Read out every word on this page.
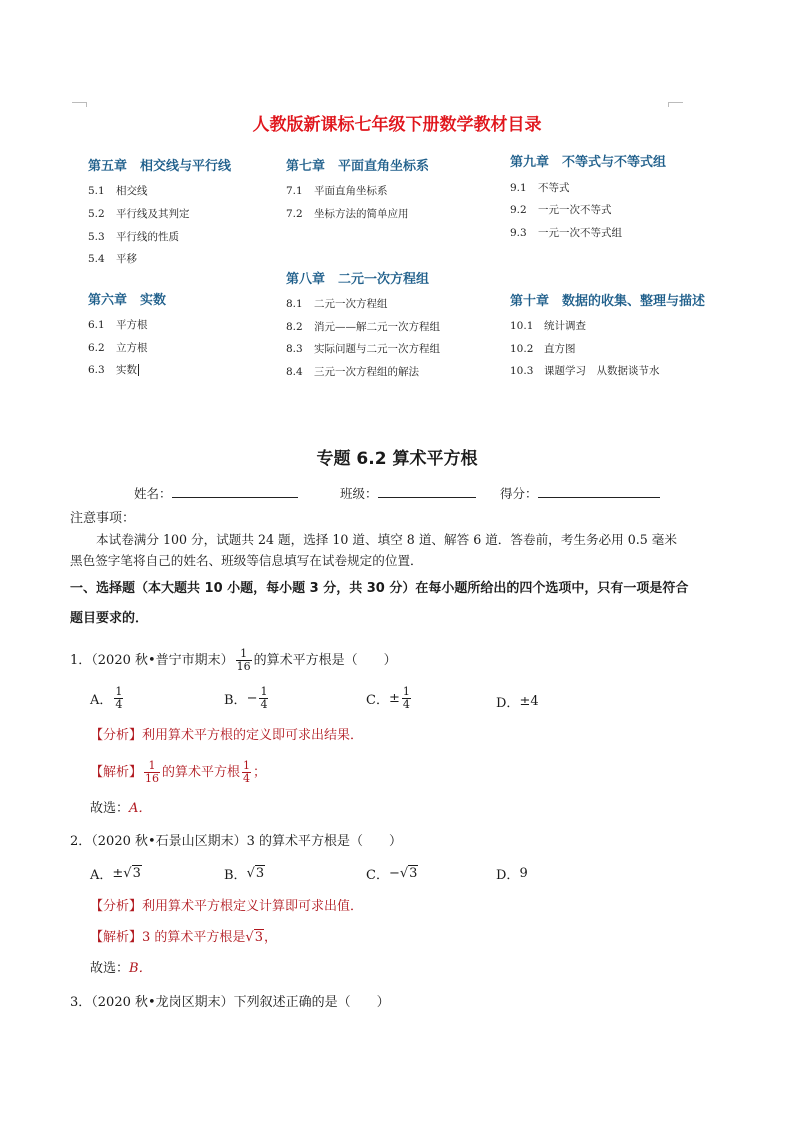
人教版新课标七年级下册数学教材目录
第五章　相交线与平行线
5.1 相交线
5.2 平行线及其判定
5.3 平行线的性质
5.4 平移
第六章　实数
6.1 平方根
6.2 立方根
6.3 实数
第七章　平面直角坐标系
7.1 平面直角坐标系
7.2 坐标方法的简单应用
第八章　二元一次方程组
8.1 二元一次方程组
8.2 消元——解二元一次方程组
8.3 实际问题与二元一次方程组
8.4 三元一次方程组的解法
第九章　不等式与不等式组
9.1 不等式
9.2 一元一次不等式
9.3 一元一次不等式组
第十章　数据的收集、整理与描述
10.1 统计调查
10.2 直方图
10.3 课题学习　从数据谈节水
专题 6.2 算术平方根
姓名：	班级：	得分：
注意事项：
本试卷满分 100 分，试题共 24 题，选择 10 道、填空 8 道、解答 6 道．答卷前，考生务必用 0.5 毫米
黑色签字笔将自己的姓名、班级等信息填写在试卷规定的位置．
一、选择题（本大题共 10 小题，每小题 3 分，共 30 分）在每小题所给出的四个选项中，只有一项是符合
题目要求的．
1．（2020 秋•普宁市期末） $\frac{1}{16}$ 的算术平方根是（　　）
A． $\frac{1}{4}$	B． − $\frac{1}{4}$	C． ± $\frac{1}{4}$	D． ±4
【分析】利用算术平方根的定义即可求出结果．
【解析】 $\frac{1}{16}$ 的算术平方根 $\frac{1}{4}$ ；
故选：A．
2．（2020 秋•石景山区期末）3 的算术平方根是（　　）
A． ± √3	B． √3	C． − √3	D． 9
【分析】利用算术平方根定义计算即可求出值．
【解析】 3 的算术平方根是 √3 ，
故选：B．
3．（2020 秋•龙岗区期末）下列叙述正确的是（　　）
